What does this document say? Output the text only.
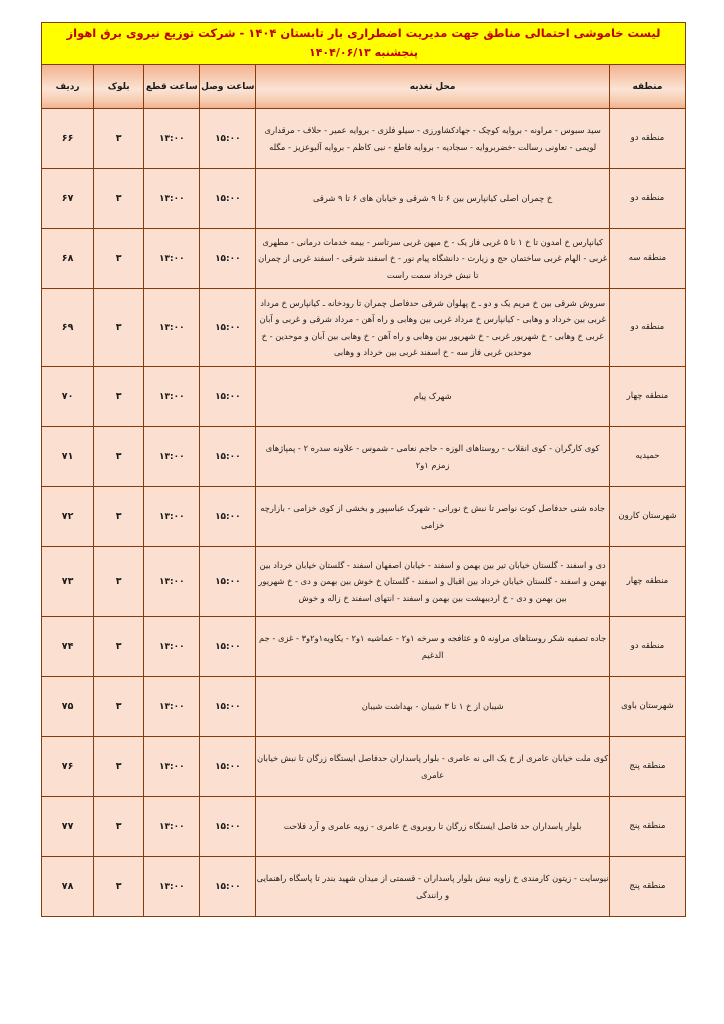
لیست خاموشی احتمالی مناطق جهت مدیریت اضطراری بار تابستان ۱۴۰۴ - شرکت توزیع نیروی برق اهواز
پنجشنبه ۱۴۰۴/۰۶/۱۳					

منطقه	محل تغذیه	ساعت وصل	ساعت قطع	بلوک	ردیف
منطقه دو	سید سبوس - مراونه - بروایه کوچک - جهادکشاورزی - سیلو فلزی - بروایه عمیر - حلاف - مرقداری لویمی - تعاونی رسالت -خضربروایه - سجادیه - بروایه فاطع - نبی کاظم - بروایه آلبوعزیز - مگله	۱۵:۰۰	۱۳:۰۰	۳	۶۶
منطقه دو	خ چمران اصلی کیانپارس بین ۶ تا ۹ شرقی و خیابان های ۶ تا ۹ شرقی	۱۵:۰۰	۱۳:۰۰	۳	۶۷
منطقه سه	کیانپارس خ امدون تا خ ۱ تا ۵ غربی فاز یک - خ میهن غربی سرتاسر - بیمه خدمات درمانی - مطهری غربی - الهام غربی ساختمان حج و زیارت - دانشگاه پیام نور - خ اسفند شرقی - اسفند غربی از چمران تا نبش خرداد سمت راست	۱۵:۰۰	۱۳:۰۰	۳	۶۸
منطقه دو	سروش شرقی بین خ مریم یک و دو ـ خ پهلوان شرقی حدفاصل چمران تا رودخانه ـ کیانپارس خ مرداد غربی بین خرداد و وهابی - کیانپارس خ مرداد غربی بین وهابی و راه آهن - مرداد شرقی و غربی و آبان غربی خ وهابی - خ شهریور غربی - خ شهریور بین وهابی و راه آهن - خ وهابی بین آبان و موحدین - خ موحدین غربی فاز سه - خ اسفند غربی بین خرداد و وهابی	۱۵:۰۰	۱۳:۰۰	۳	۶۹
منطقه چهار	شهرک پیام	۱۵:۰۰	۱۳:۰۰	۳	۷۰
حمیدیه	کوی کارگران - کوی انقلاب - روستاهای الوزه - حاجم نعامی - شموس - علاونه سدره ۲ - پمپاژهای زمزم ۱و۲	۱۵:۰۰	۱۳:۰۰	۳	۷۱
شهرستان کارون	جاده شنی حدفاصل کوت نواصر تا نبش خ نورانی - شهرک عباسپور و بخشی از کوی خزامی - بازارچه خزامی	۱۵:۰۰	۱۳:۰۰	۳	۷۲
منطقه چهار	دی و اسفند - گلستان خیابان تیر بین بهمن و اسفند - خیابان اصفهان اسفند - گلستان خیابان خرداد بین بهمن و اسفند - گلستان خیابان خرداد بین اقبال و اسفند - گلستان خ خوش بین بهمن و دی - خ شهریور بین بهمن و دی - خ اردیبهشت بین بهمن و اسفند - انتهای اسفند خ زاله و خوش	۱۵:۰۰	۱۳:۰۰	۳	۷۳
منطقه دو	جاده تصفیه شکر روستاهای مراونه ۵ و عثافجه و سرخه ۱و۲ - عماشیه ۱و۲ - یکاویه۱و۲و۳ - غزی - جم الدغیم	۱۵:۰۰	۱۳:۰۰	۳	۷۴
شهرستان باوی	شیبان از خ ۱ تا ۳ شیبان - بهداشت شیبان	۱۵:۰۰	۱۳:۰۰	۳	۷۵
منطقه پنج	کوی ملت خیابان عامری از خ یک الی نه عامری - بلوار پاسداران حدفاصل ایستگاه زرگان تا نبش خیابان عامری	۱۵:۰۰	۱۳:۰۰	۳	۷۶
منطقه پنج	بلوار پاسداران حد فاصل ایستگاه زرگان تا روبروی خ عامری - زویه عامری و آرد فلاحت	۱۵:۰۰	۱۳:۰۰	۳	۷۷
منطقه پنج	نیوسایت - زیتون کارمندی خ زاویه نبش بلوار پاسداران - قسمتی از میدان شهید بندر تا پاسگاه راهنمایی و رانندگی	۱۵:۰۰	۱۳:۰۰	۳	۷۸
